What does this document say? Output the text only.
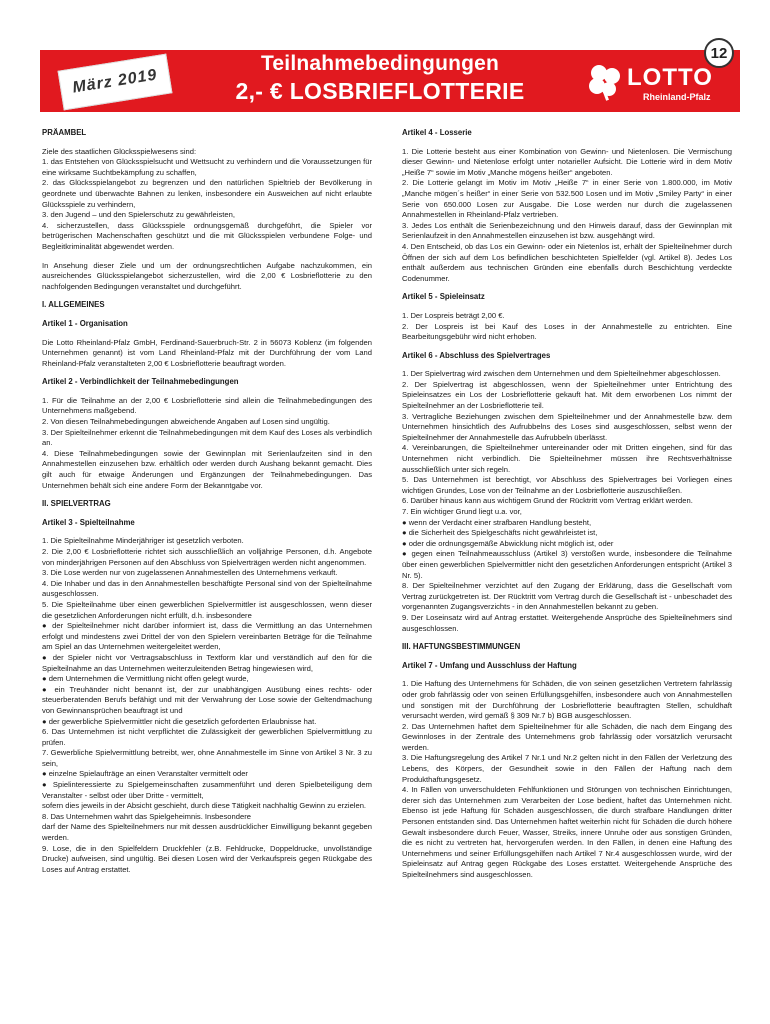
Teilnahmebedingungen
2,- € LOSBRIEFLOTTERIE
März 2019
12
LOTTO
Rheinland-Pfalz
PRÄAMBEL
Ziele des staatlichen Glücksspielwesens sind:
1. das Entstehen von Glücksspielsucht und Wettsucht zu verhindern und die Voraussetzungen für eine wirksame Suchtbekämpfung zu schaffen,
2. das Glücksspielangebot zu begrenzen und den natürlichen Spieltrieb der Bevölkerung in geordnete und überwachte Bahnen zu lenken, insbesondere ein Ausweichen auf nicht erlaubte Glücksspiele zu verhindern,
3. den Jugend – und den Spielerschutz zu gewährleisten,
4. sicherzustellen, dass Glücksspiele ordnungsgemäß durchgeführt, die Spieler vor betrügerischen Machenschaften geschützt und die mit Glücksspielen verbundene Folge- und Begleitkriminalität abgewendet werden.
In Ansehung dieser Ziele und um der ordnungsrechtlichen Aufgabe nachzukommen, ein ausreichendes Glücksspielangebot sicherzustellen, wird die 2,00 € Losbrieflotterie zu den nachfolgenden Bedingungen veranstaltet und durchgeführt.
I. ALLGEMEINES
Artikel 1 - Organisation
Die Lotto Rheinland-Pfalz GmbH, Ferdinand-Sauerbruch-Str. 2 in 56073 Koblenz (im folgenden Unternehmen genannt) ist vom Land Rheinland-Pfalz mit der Durchführung der vom Land Rheinland-Pfalz veranstalteten 2,00 € Losbrieflotterie beauftragt worden.
Artikel 2 - Verbindlichkeit der Teilnahmebedingungen
1. Für die Teilnahme an der 2,00 € Losbrieflotterie sind allein die Teilnahmebedingungen des Unternehmens maßgebend.
2. Von diesen Teilnahmebedingungen abweichende Angaben auf Losen sind ungültig.
3. Der Spielteilnehmer erkennt die Teilnahmebedingungen mit dem Kauf des Loses als verbindlich an.
4. Diese Teilnahmebedingungen sowie der Gewinnplan mit Serienlaufzeiten sind in den Annahmestellen einzusehen bzw. erhältlich oder werden durch Aushang bekannt gemacht. Dies gilt auch für etwaige Änderungen und Ergänzungen der Teilnahmebedingungen. Das Unternehmen behält sich eine andere Form der Bekanntgabe vor.
II. SPIELVERTRAG
Artikel 3 - Spielteilnahme
1. Die Spielteilnahme Minderjähriger ist gesetzlich verboten.
2. Die 2,00 € Losbrieflotterie richtet sich ausschließlich an volljährige Personen, d.h. Angebote von minderjährigen Personen auf den Abschluss von Spielverträgen werden nicht angenommen.
3. Die Lose werden nur von zugelassenen Annahmestellen des Unternehmens verkauft.
4. Die Inhaber und das in den Annahmestellen beschäftigte Personal sind von der Spielteilnahme ausgeschlossen.
5. Die Spielteilnahme über einen gewerblichen Spielvermittler ist ausgeschlossen, wenn dieser die gesetzlichen Anforderungen nicht erfüllt, d.h. insbesondere
● der Spielteilnehmer nicht darüber informiert ist, dass die Vermittlung an das Unternehmen erfolgt und mindestens zwei Drittel der von den Spielern vereinbarten Beträge für die Teilnahme am Spiel an das Unternehmen weitergeleitet werden,
● der Spieler nicht vor Vertragsabschluss in Textform klar und verständlich auf den für die Spielteilnahme an das Unternehmen weiterzuleitenden Betrag hingewiesen wird,
● dem Unternehmen die Vermittlung nicht offen gelegt wurde,
● ein Treuhänder nicht benannt ist, der zur unabhängigen Ausübung eines rechts- oder steuerberatenden Berufs befähigt und mit der Verwahrung der Lose sowie der Geltendmachung von Gewinnansprüchen beauftragt ist und
● der gewerbliche Spielvermittler nicht die gesetzlich geforderten Erlaubnisse hat.
6. Das Unternehmen ist nicht verpflichtet die Zulässigkeit der gewerblichen Spielvermittlung zu prüfen.
7. Gewerbliche Spielvermittlung betreibt, wer, ohne Annahmestelle im Sinne von Artikel 3 Nr. 3 zu sein,
● einzelne Spielaufträge an einen Veranstalter vermittelt oder
● Spielinteressierte zu Spielgemeinschaften zusammenführt und deren Spielbeteiligung dem Veranstalter - selbst oder über Dritte - vermittelt,
sofern dies jeweils in der Absicht geschieht, durch diese Tätigkeit nachhaltig Gewinn zu erzielen.
8. Das Unternehmen wahrt das Spielgeheimnis. Insbesondere
darf der Name des Spielteilnehmers nur mit dessen ausdrücklicher Einwilligung bekannt gegeben werden.
9. Lose, die in den Spielfeldern Druckfehler (z.B. Fehldrucke, Doppeldrucke, unvollständige Drucke) aufweisen, sind ungültig. Bei diesen Losen wird der Verkaufspreis gegen Rückgabe des Loses auf Antrag erstattet.
Artikel 4 - Losserie
1. Die Lotterie besteht aus einer Kombination von Gewinn- und Nietenlosen. Die Vermischung dieser Gewinn- und Nietenlose erfolgt unter notarieller Aufsicht. Die Lotterie wird in dem Motiv „Heiße 7“ sowie im Motiv „Manche mögens heißer“ angeboten.
2. Die Lotterie gelangt im Motiv im Motiv „Heiße 7“ in einer Serie von 1.800.000, im Motiv „Manche mögen´s heißer“ in einer Serie von 532.500 Losen und im Motiv „Smiley Party“ in einer Serie von 650.000 Losen zur Ausgabe. Die Lose werden nur durch die zugelassenen Annahmestellen in Rheinland-Pfalz vertrieben.
3. Jedes Los enthält die Serienbezeichnung und den Hinweis darauf, dass der Gewinnplan mit Serienlaufzeit in den Annahmestellen einzusehen ist bzw. ausgehängt wird.
4. Den Entscheid, ob das Los ein Gewinn- oder ein Nietenlos ist, erhält der Spielteilnehmer durch Öffnen der sich auf dem Los befindlichen beschichteten Spielfelder (vgl. Artikel 8). Jedes Los enthält außerdem aus technischen Gründen eine ebenfalls durch Beschichtung verdeckte Codenummer.
Artikel 5 - Spieleinsatz
1. Der Lospreis beträgt 2,00 €.
2. Der Lospreis ist bei Kauf des Loses in der Annahmestelle zu entrichten. Eine Bearbeitungsgebühr wird nicht erhoben.
Artikel 6 - Abschluss des Spielvertrages
1. Der Spielvertrag wird zwischen dem Unternehmen und dem Spielteilnehmer abgeschlossen.
2. Der Spielvertrag ist abgeschlossen, wenn der Spielteilnehmer unter Entrichtung des Spieleinsatzes ein Los der Losbrieflotterie gekauft hat. Mit dem erworbenen Los nimmt der Spielteilnehmer an der Losbrieflotterie teil.
3. Vertragliche Beziehungen zwischen dem Spielteilnehmer und der Annahmestelle bzw. dem Unternehmen hinsichtlich des Aufrubbelns des Loses sind ausgeschlossen, selbst wenn der Spielteilnehmer der Annahmestelle das Aufrubbeln überlässt.
4. Vereinbarungen, die Spielteilnehmer untereinander oder mit Dritten eingehen, sind für das Unternehmen nicht verbindlich. Die Spielteilnehmer müssen ihre Rechtsverhältnisse ausschließlich unter sich regeln.
5. Das Unternehmen ist berechtigt, vor Abschluss des Spielvertrages bei Vorliegen eines wichtigen Grundes, Lose von der Teilnahme an der Losbrieflotterie auszuschließen.
6. Darüber hinaus kann aus wichtigem Grund der Rücktritt vom Vertrag erklärt werden.
7. Ein wichtiger Grund liegt u.a. vor,
● wenn der Verdacht einer strafbaren Handlung besteht,
● die Sicherheit des Spielgeschäfts nicht gewährleistet ist,
● oder die ordnungsgemäße Abwicklung nicht möglich ist, oder
● gegen einen Teilnahmeausschluss (Artikel 3) verstoßen wurde, insbesondere die Teilnahme über einen gewerblichen Spielvermittler nicht den gesetzlichen Anforderungen entspricht (Artikel 3 Nr. 5).
8. Der Spielteilnehmer verzichtet auf den Zugang der Erklärung, dass die Gesellschaft vom Vertrag zurückgetreten ist. Der Rücktritt vom Vertrag durch die Gesellschaft ist - unbeschadet des vorgenannten Zugangsverzichts - in den Annahmestellen bekannt zu geben.
9. Der Loseinsatz wird auf Antrag erstattet. Weitergehende Ansprüche des Spielteilnehmers sind ausgeschlossen.
III. HAFTUNGSBESTIMMUNGEN
Artikel 7 - Umfang und Ausschluss der Haftung
1. Die Haftung des Unternehmens für Schäden, die von seinen gesetzlichen Vertretern fahrlässig oder grob fahrlässig oder von seinen Erfüllungsgehilfen, insbesondere auch von Annahmestellen und sonstigen mit der Durchführung der Losbrieflotterie beauftragten Stellen, schuldhaft verursacht werden, wird gemäß § 309 Nr.7 b) BGB ausgeschlossen.
2. Das Unternehmen haftet dem Spielteilnehmer für alle Schäden, die nach dem Eingang des Gewinnloses in der Zentrale des Unternehmens grob fahrlässig oder vorsätzlich verursacht werden.
3. Die Haftungsregelung des Artikel 7 Nr.1 und Nr.2 gelten nicht in den Fällen der Verletzung des Lebens, des Körpers, der Gesundheit sowie in den Fällen der Haftung nach dem Produkthaftungsgesetz.
4. In Fällen von unverschuldeten Fehlfunktionen und Störungen von technischen Einrichtungen, derer sich das Unternehmen zum Verarbeiten der Lose bedient, haftet das Unternehmen nicht. Ebenso ist jede Haftung für Schäden ausgeschlossen, die durch strafbare Handlungen dritter Personen entstanden sind. Das Unternehmen haftet weiterhin nicht für Schäden die durch höhere Gewalt insbesondere durch Feuer, Wasser, Streiks, innere Unruhe oder aus sonstigen Gründen, die es nicht zu vertreten hat, hervorgerufen werden. In den Fällen, in denen eine Haftung des Unternehmens und seiner Erfüllungsgehilfen nach Artikel 7 Nr.4 ausgeschlossen wurde, wird der Spieleinsatz auf Antrag gegen Rückgabe des Loses erstattet. Weitergehende Ansprüche des Spielteilnehmers sind ausgeschlossen.
